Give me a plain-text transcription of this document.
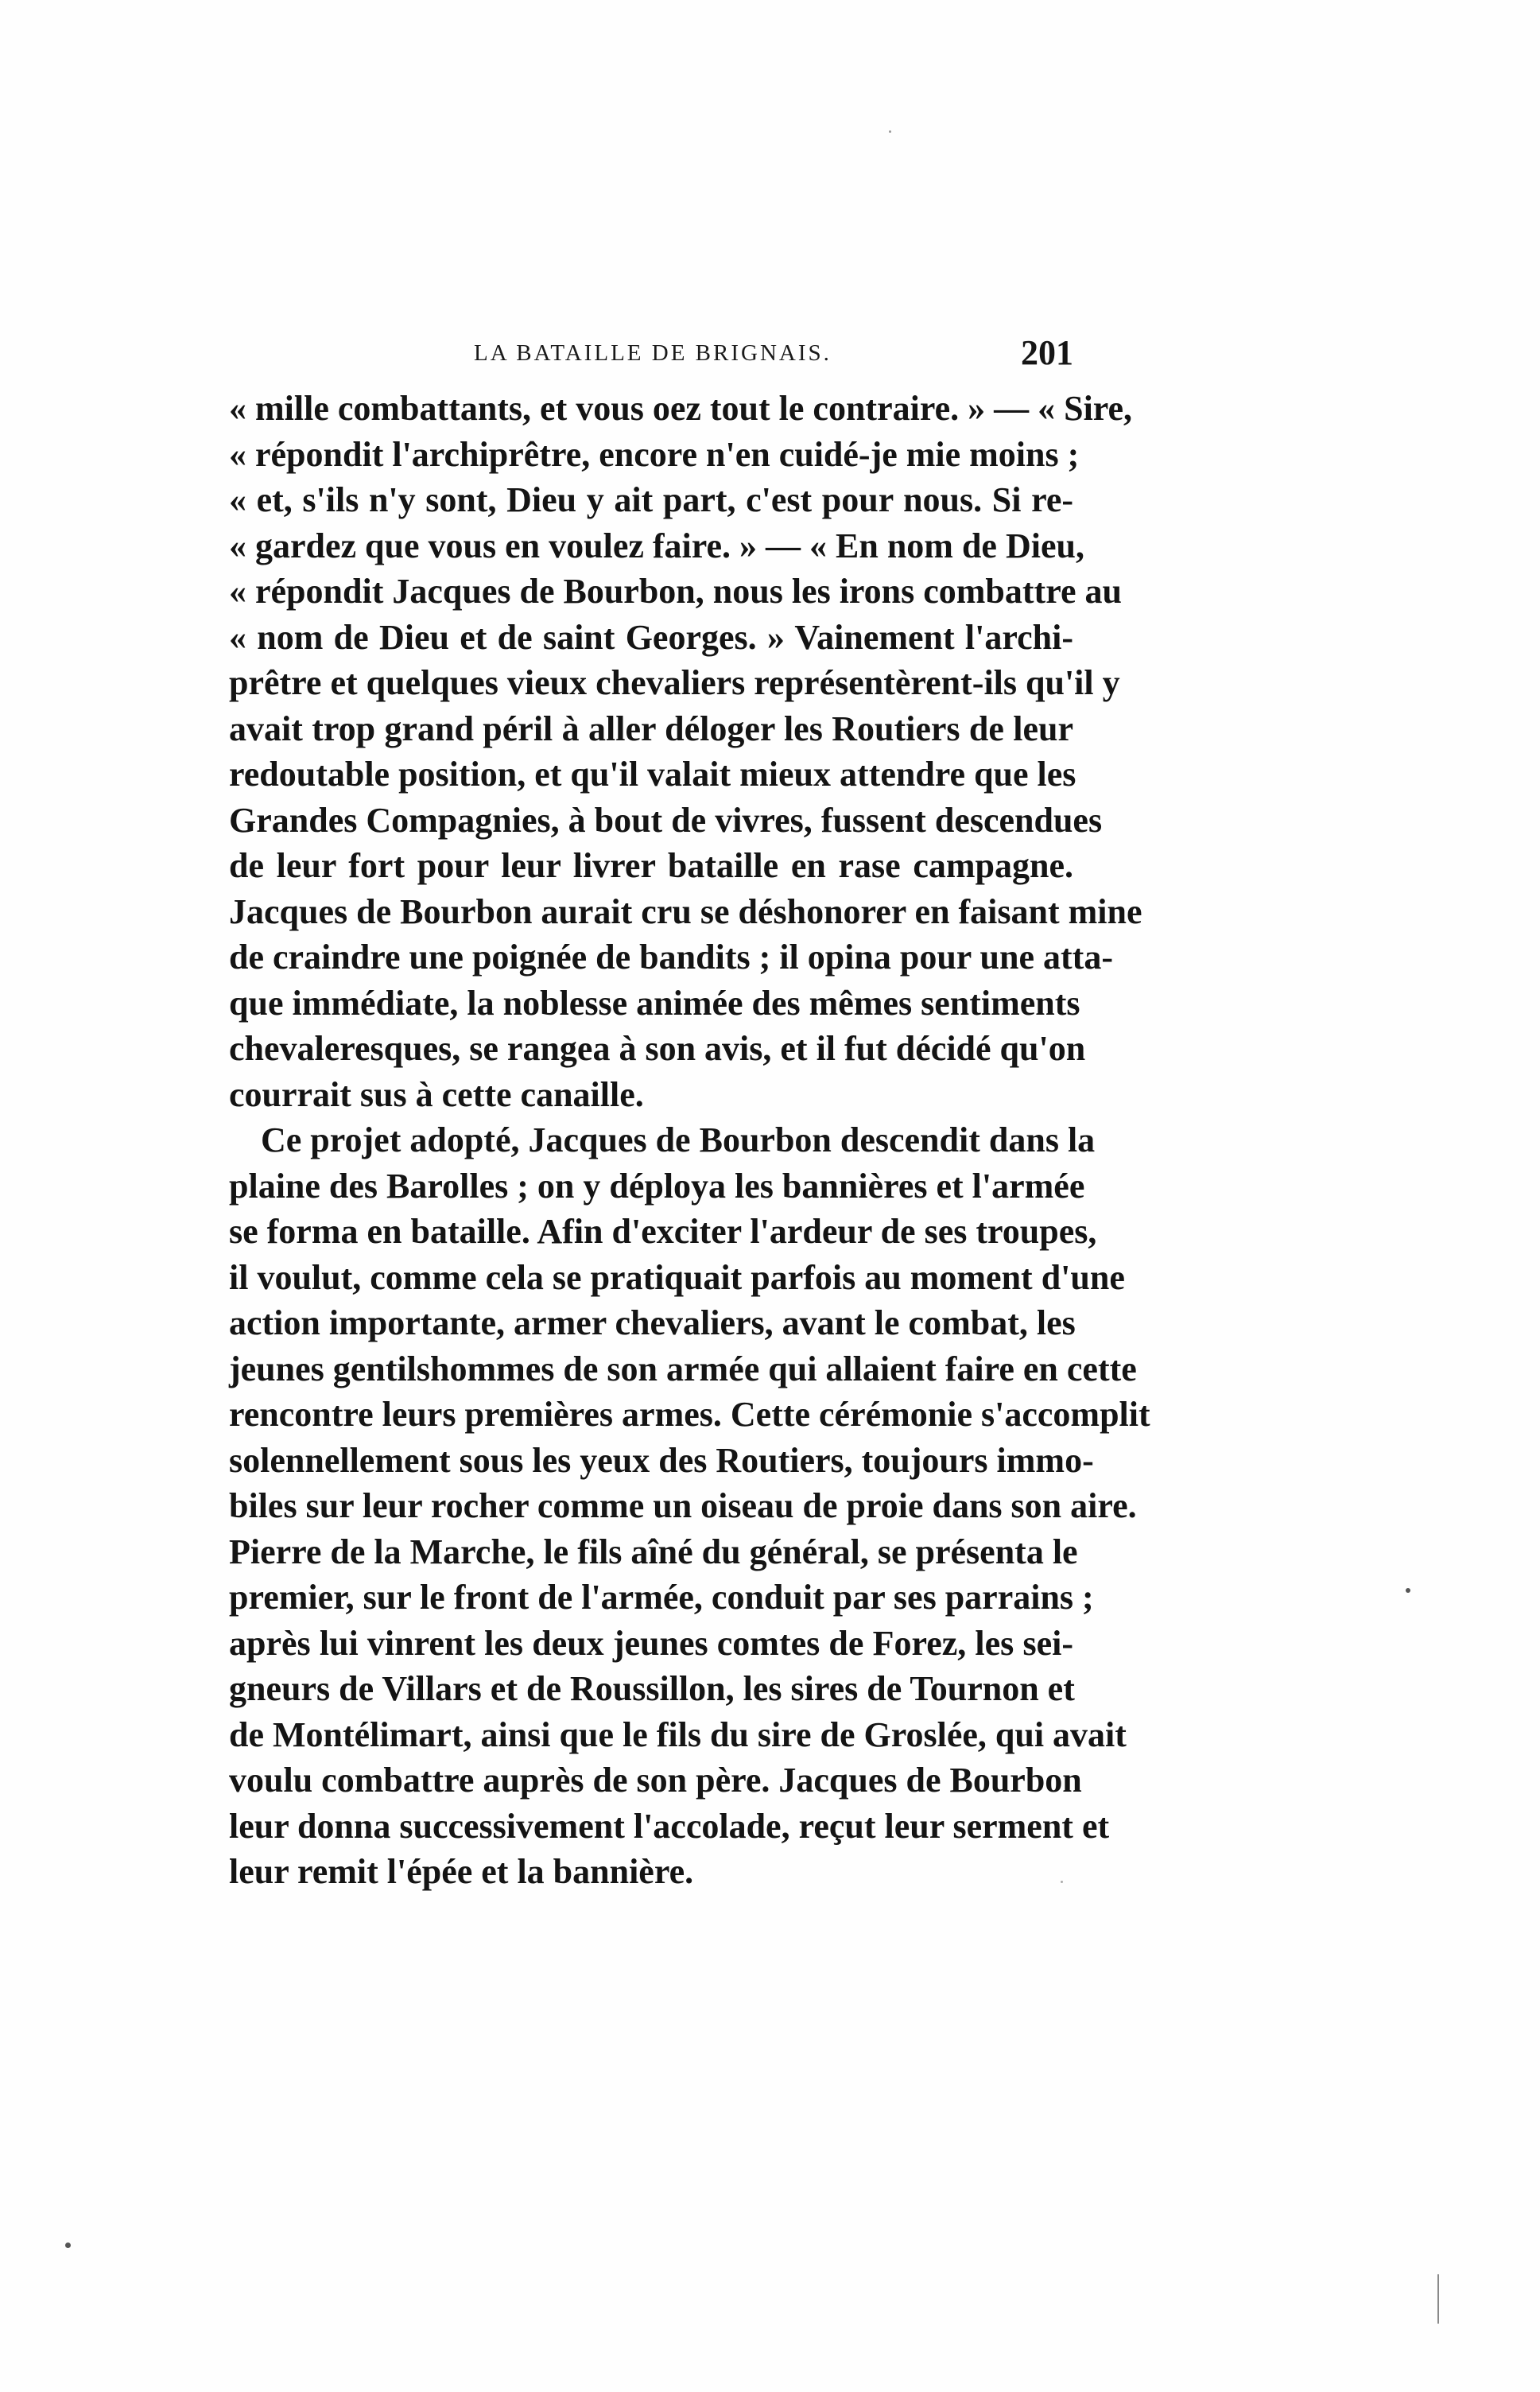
LA BATAILLE DE BRIGNAIS.	201
« mille combattants, et vous oez tout le contraire. » — « Sire,
« répondit l'archiprêtre, encore n'en cuidé-je mie moins ;
« et, s'ils n'y sont, Dieu y ait part, c'est pour nous. Si re-
« gardez que vous en voulez faire. » — « En nom de Dieu,
« répondit Jacques de Bourbon, nous les irons combattre au
« nom de Dieu et de saint Georges. » Vainement l'archi-
prêtre et quelques vieux chevaliers représentèrent-ils qu'il y
avait trop grand péril à aller déloger les Routiers de leur
redoutable position, et qu'il valait mieux attendre que les
Grandes Compagnies, à bout de vivres, fussent descendues
de leur fort pour leur livrer bataille en rase campagne.
Jacques de Bourbon aurait cru se déshonorer en faisant mine
de craindre une poignée de bandits ; il opina pour une atta-
que immédiate, la noblesse animée des mêmes sentiments
chevaleresques, se rangea à son avis, et il fut décidé qu'on
courrait sus à cette canaille.
Ce projet adopté, Jacques de Bourbon descendit dans la
plaine des Barolles ; on y déploya les bannières et l'armée
se forma en bataille. Afin d'exciter l'ardeur de ses troupes,
il voulut, comme cela se pratiquait parfois au moment d'une
action importante, armer chevaliers, avant le combat, les
jeunes gentilshommes de son armée qui allaient faire en cette
rencontre leurs premières armes. Cette cérémonie s'accomplit
solennellement sous les yeux des Routiers, toujours immo-
biles sur leur rocher comme un oiseau de proie dans son aire.
Pierre de la Marche, le fils aîné du général, se présenta le
premier, sur le front de l'armée, conduit par ses parrains ;
après lui vinrent les deux jeunes comtes de Forez, les sei-
gneurs de Villars et de Roussillon, les sires de Tournon et
de Montélimart, ainsi que le fils du sire de Groslée, qui avait
voulu combattre auprès de son père. Jacques de Bourbon
leur donna successivement l'accolade, reçut leur serment et
leur remit l'épée et la bannière.
